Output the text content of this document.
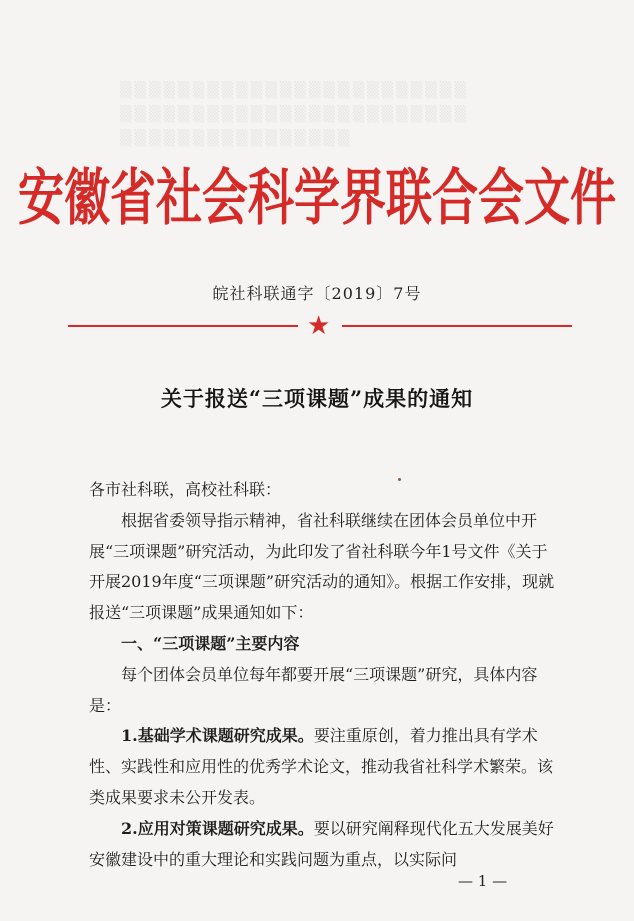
▒▒▒▒▒▒▒▒▒▒▒▒▒▒▒▒▒▒▒▒▒▒▒▒
▒▒▒▒▒▒▒▒▒▒▒▒▒▒▒▒▒▒▒▒▒▒▒▒
▒▒▒▒▒▒▒▒▒▒▒▒▒▒▒▒
安徽省社会科学界联合会文件
皖社科联通字〔2019〕7号
★
关于报送“三项课题”成果的通知

各市社科联，高校社科联：

根据省委领导指示精神，省社科联继续在团体会员单位中开展“三项课题”研究活动，为此印发了省社科联今年1号文件《关于开展2019年度“三项课题”研究活动的通知》。根据工作安排，现就报送“三项课题”成果通知如下：

一、“三项课题”主要内容

每个团体会员单位每年都要开展“三项课题”研究，具体内容是：

1.基础学术课题研究成果。要注重原创，着力推出具有学术性、实践性和应用性的优秀学术论文，推动我省社科学术繁荣。该类成果要求未公开发表。

2.应用对策课题研究成果。要以研究阐释现代化五大发展美好安徽建设中的重大理论和实践问题为重点，以实际问

— 1 —
